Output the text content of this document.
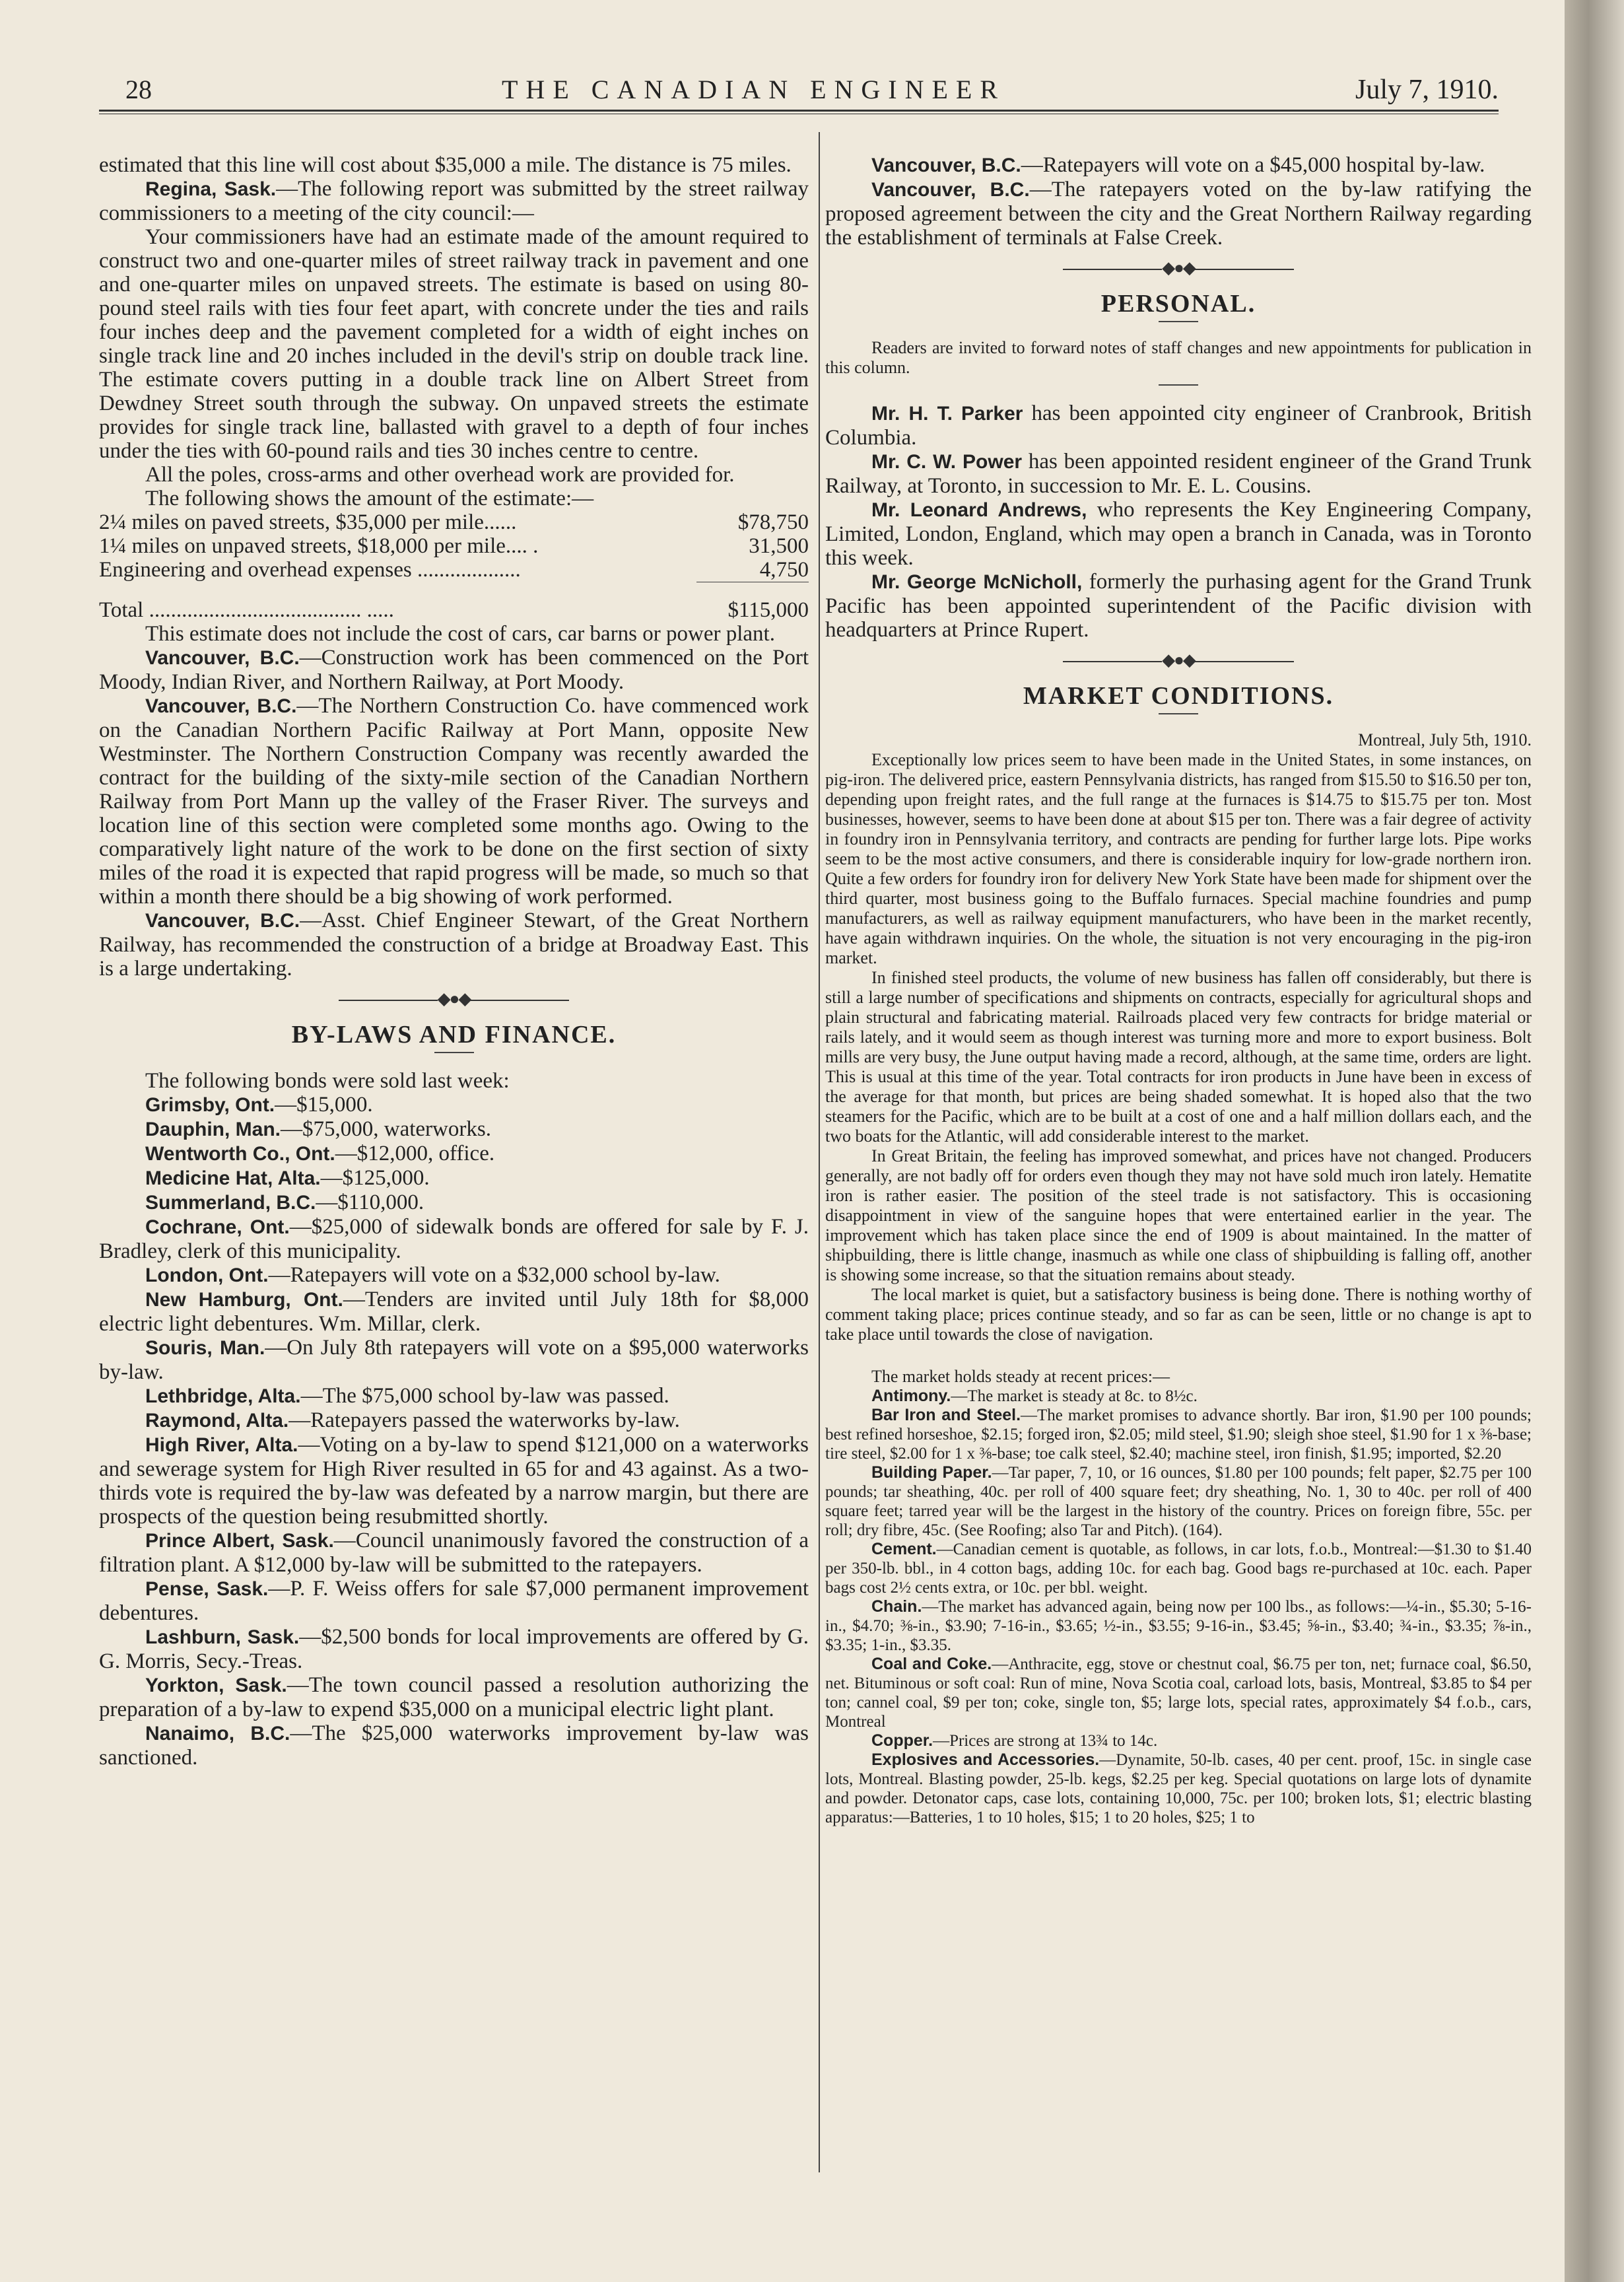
28	THE CANADIAN ENGINEER	July 7, 1910.

estimated that this line will cost about $35,000 a mile. The distance is 75 miles.

Regina, Sask.—The following report was submitted by the street railway commissioners to a meeting of the city council:—

Your commissioners have had an estimate made of the amount required to construct two and one-quarter miles of street railway track in pavement and one and one-quarter miles on unpaved streets. The estimate is based on using 80-pound steel rails with ties four feet apart, with concrete under the ties and rails four inches deep and the pavement completed for a width of eight inches on single track line and 20 inches included in the devil's strip on double track line. The estimate covers putting in a double track line on Albert Street from Dewdney Street south through the subway. On unpaved streets the estimate provides for single track line, ballasted with gravel to a depth of four inches under the ties with 60-pound rails and ties 30 inches centre to centre.

All the poles, cross-arms and other overhead work are provided for.

The following shows the amount of the estimate:—

2¼ miles on paved streets, $35,000 per mile......	$78,750
1¼ miles on unpaved streets, $18,000 per mile.... .	31,500
Engineering and overhead expenses ...................	4,750

Total ....................................... .....	$115,000

This estimate does not include the cost of cars, car barns or power plant.

Vancouver, B.C.—Construction work has been commenced on the Port Moody, Indian River, and Northern Railway, at Port Moody.

Vancouver, B.C.—The Northern Construction Co. have commenced work on the Canadian Northern Pacific Railway at Port Mann, opposite New Westminster. The Northern Construction Company was recently awarded the contract for the building of the sixty-mile section of the Canadian Northern Railway from Port Mann up the valley of the Fraser River. The surveys and location line of this section were completed some months ago. Owing to the comparatively light nature of the work to be done on the first section of sixty miles of the road it is expected that rapid progress will be made, so much so that within a month there should be a big showing of work performed.

Vancouver, B.C.—Asst. Chief Engineer Stewart, of the Great Northern Railway, has recommended the construction of a bridge at Broadway East. This is a large undertaking.

◆●◆
BY-LAWS AND FINANCE.

The following bonds were sold last week:

Grimsby, Ont.—$15,000.

Dauphin, Man.—$75,000, waterworks.

Wentworth Co., Ont.—$12,000, office.

Medicine Hat, Alta.—$125,000.

Summerland, B.C.—$110,000.

Cochrane, Ont.—$25,000 of sidewalk bonds are offered for sale by F. J. Bradley, clerk of this municipality.

London, Ont.—Ratepayers will vote on a $32,000 school by-law.

New Hamburg, Ont.—Tenders are invited until July 18th for $8,000 electric light debentures. Wm. Millar, clerk.

Souris, Man.—On July 8th ratepayers will vote on a $95,000 waterworks by-law.

Lethbridge, Alta.—The $75,000 school by-law was passed.

Raymond, Alta.—Ratepayers passed the waterworks by-law.

High River, Alta.—Voting on a by-law to spend $121,000 on a waterworks and sewerage system for High River resulted in 65 for and 43 against. As a two-thirds vote is required the by-law was defeated by a narrow margin, but there are prospects of the question being resubmitted shortly.

Prince Albert, Sask.—Council unanimously favored the construction of a filtration plant. A $12,000 by-law will be submitted to the ratepayers.

Pense, Sask.—P. F. Weiss offers for sale $7,000 permanent improvement debentures.

Lashburn, Sask.—$2,500 bonds for local improvements are offered by G. G. Morris, Secy.-Treas.

Yorkton, Sask.—The town council passed a resolution authorizing the preparation of a by-law to expend $35,000 on a municipal electric light plant.

Nanaimo, B.C.—The $25,000 waterworks improvement by-law was sanctioned.

Vancouver, B.C.—Ratepayers will vote on a $45,000 hospital by-law.

Vancouver, B.C.—The ratepayers voted on the by-law ratifying the proposed agreement between the city and the Great Northern Railway regarding the establishment of terminals at False Creek.

◆●◆
PERSONAL.

Readers are invited to forward notes of staff changes and new appointments for publication in this column.

Mr. H. T. Parker has been appointed city engineer of Cranbrook, British Columbia.

Mr. C. W. Power has been appointed resident engineer of the Grand Trunk Railway, at Toronto, in succession to Mr. E. L. Cousins.

Mr. Leonard Andrews, who represents the Key Engineering Company, Limited, London, England, which may open a branch in Canada, was in Toronto this week.

Mr. George McNicholl, formerly the purhasing agent for the Grand Trunk Pacific has been appointed superintendent of the Pacific division with headquarters at Prince Rupert.

◆●◆
MARKET CONDITIONS.

Montreal, July 5th, 1910.

Exceptionally low prices seem to have been made in the United States, in some instances, on pig-iron. The delivered price, eastern Pennsylvania districts, has ranged from $15.50 to $16.50 per ton, depending upon freight rates, and the full range at the furnaces is $14.75 to $15.75 per ton. Most businesses, however, seems to have been done at about $15 per ton. There was a fair degree of activity in foundry iron in Pennsylvania territory, and contracts are pending for further large lots. Pipe works seem to be the most active consumers, and there is considerable inquiry for low-grade northern iron. Quite a few orders for foundry iron for delivery New York State have been made for shipment over the third quarter, most business going to the Buffalo furnaces. Special machine foundries and pump manufacturers, as well as railway equipment manufacturers, who have been in the market recently, have again withdrawn inquiries. On the whole, the situation is not very encouraging in the pig-iron market.

In finished steel products, the volume of new business has fallen off considerably, but there is still a large number of specifications and shipments on contracts, especially for agricultural shops and plain structural and fabricating material. Railroads placed very few contracts for bridge material or rails lately, and it would seem as though interest was turning more and more to export business. Bolt mills are very busy, the June output having made a record, although, at the same time, orders are light. This is usual at this time of the year. Total contracts for iron products in June have been in excess of the average for that month, but prices are being shaded somewhat. It is hoped also that the two steamers for the Pacific, which are to be built at a cost of one and a half million dollars each, and the two boats for the Atlantic, will add considerable interest to the market.

In Great Britain, the feeling has improved somewhat, and prices have not changed. Producers generally, are not badly off for orders even though they may not have sold much iron lately. Hematite iron is rather easier. The position of the steel trade is not satisfactory. This is occasioning disappointment in view of the sanguine hopes that were entertained earlier in the year. The improvement which has taken place since the end of 1909 is about maintained. In the matter of shipbuilding, there is little change, inasmuch as while one class of shipbuilding is falling off, another is showing some increase, so that the situation remains about steady.

The local market is quiet, but a satisfactory business is being done. There is nothing worthy of comment taking place; prices continue steady, and so far as can be seen, little or no change is apt to take place until towards the close of navigation.

The market holds steady at recent prices:—

Antimony.—The market is steady at 8c. to 8½c.

Bar Iron and Steel.—The market promises to advance shortly. Bar iron, $1.90 per 100 pounds; best refined horseshoe, $2.15; forged iron, $2.05; mild steel, $1.90; sleigh shoe steel, $1.90 for 1 x ⅜-base; tire steel, $2.00 for 1 x ⅜-base; toe calk steel, $2.40; machine steel, iron finish, $1.95; imported, $2.20

Building Paper.—Tar paper, 7, 10, or 16 ounces, $1.80 per 100 pounds; felt paper, $2.75 per 100 pounds; tar sheathing, 40c. per roll of 400 square feet; dry sheathing, No. 1, 30 to 40c. per roll of 400 square feet; tarred year will be the largest in the history of the country. Prices on foreign fibre, 55c. per roll; dry fibre, 45c. (See Roofing; also Tar and Pitch). (164).

Cement.—Canadian cement is quotable, as follows, in car lots, f.o.b., Montreal:—$1.30 to $1.40 per 350-lb. bbl., in 4 cotton bags, adding 10c. for each bag. Good bags re-purchased at 10c. each. Paper bags cost 2½ cents extra, or 10c. per bbl. weight.

Chain.—The market has advanced again, being now per 100 lbs., as follows:—¼-in., $5.30; 5-16-in., $4.70; ⅜-in., $3.90; 7-16-in., $3.65; ½-in., $3.55; 9-16-in., $3.45; ⅝-in., $3.40; ¾-in., $3.35; ⅞-in., $3.35; 1-in., $3.35.

Coal and Coke.—Anthracite, egg, stove or chestnut coal, $6.75 per ton, net; furnace coal, $6.50, net. Bituminous or soft coal: Run of mine, Nova Scotia coal, carload lots, basis, Montreal, $3.85 to $4 per ton; cannel coal, $9 per ton; coke, single ton, $5; large lots, special rates, approximately $4 f.o.b., cars, Montreal

Copper.—Prices are strong at 13¾ to 14c.

Explosives and Accessories.—Dynamite, 50-lb. cases, 40 per cent. proof, 15c. in single case lots, Montreal. Blasting powder, 25-lb. kegs, $2.25 per keg. Special quotations on large lots of dynamite and powder. Detonator caps, case lots, containing 10,000, 75c. per 100; broken lots, $1; electric blasting apparatus:—Batteries, 1 to 10 holes, $15; 1 to 20 holes, $25; 1 to
